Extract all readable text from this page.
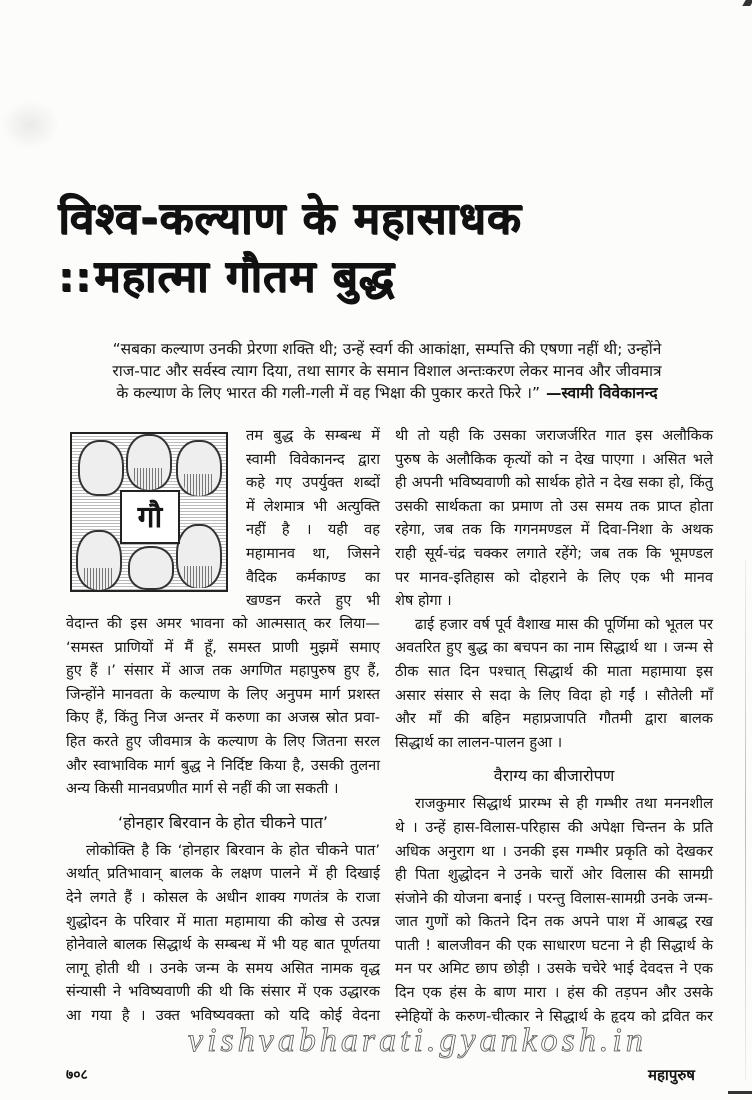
विश्व-कल्याण के महासाधक
::महात्मा गौतम बुद्ध
“सबका कल्याण उनकी प्रेरणा शक्ति थी; उन्हें स्वर्ग की आकांक्षा, सम्पत्ति की एषणा नहीं थी; उन्होंने
राज-पाट और सर्वस्व त्याग दिया, तथा सागर के समान विशाल अन्तःकरण लेकर मानव और जीवमात्र
के कल्याण के लिए भारत की गली-गली में वह भिक्षा की पुकार करते फिरे ।” —स्वामी विवेकानन्द
गौ
तम बुद्ध के सम्बन्ध में
स्वामी विवेकानन्द द्वारा
कहे गए उपर्युक्त शब्दों
में लेशमात्र भी अत्युक्ति
नहीं है । यही वह
महामानव था, जिसने
वैदिक कर्मकाण्ड का
खण्डन करते हुए भी
वेदान्त की इस अमर भावना को आत्मसात् कर लिया—
‘समस्त प्राणियों में मैं हूँ, समस्त प्राणी मुझमें समाए
हुए हैं ।’ संसार में आज तक अगणित महापुरुष हुए हैं,
जिन्होंने मानवता के कल्याण के लिए अनुपम मार्ग प्रशस्त
किए हैं, किंतु निज अन्तर में करुणा का अजस्र स्रोत प्रवा-
हित करते हुए जीवमात्र के कल्याण के लिए जितना सरल
और स्वाभाविक मार्ग बुद्ध ने निर्दिष्ट किया है, उसकी तुलना
अन्य किसी मानवप्रणीत मार्ग से नहीं की जा सकती ।
‘होनहार बिरवान के होत चीकने पात’
लोकोक्ति है कि ‘होनहार बिरवान के होत चीकने पात’
अर्थात् प्रतिभावान् बालक के लक्षण पालने में ही दिखाई
देने लगते हैं । कोसल के अधीन शाक्य गणतंत्र के राजा
शुद्धोदन के परिवार में माता महामाया की कोख से उत्पन्न
होनेवाले बालक सिद्धार्थ के सम्बन्ध में भी यह बात पूर्णतया
लागू होती थी । उनके जन्म के समय असित नामक वृद्ध
संन्यासी ने भविष्यवाणी की थी कि संसार में एक उद्धारक
आ गया है । उक्त भविष्यवक्ता को यदि कोई वेदना
थी तो यही कि उसका जराजर्जरित गात इस अलौकिक
पुरुष के अलौकिक कृत्यों को न देख पाएगा । असित भले
ही अपनी भविष्यवाणी को सार्थक होते न देख सका हो, किंतु
उसकी सार्थकता का प्रमाण तो उस समय तक प्राप्त होता
रहेगा, जब तक कि गगनमण्डल में दिवा-निशा के अथक
राही सूर्य-चंद्र चक्कर लगाते रहेंगे; जब तक कि भूमण्डल
पर मानव-इतिहास को दोहराने के लिए एक भी मानव
शेष होगा ।
ढाई हजार वर्ष पूर्व वैशाख मास की पूर्णिमा को भूतल पर
अवतरित हुए बुद्ध का बचपन का नाम सिद्धार्थ था । जन्म से
ठीक सात दिन पश्चात् सिद्धार्थ की माता महामाया इस
असार संसार से सदा के लिए विदा हो गईं । सौतेली माँ
और माँ की बहिन महाप्रजापति गौतमी द्वारा बालक
सिद्धार्थ का लालन-पालन हुआ ।
वैराग्य का बीजारोपण
राजकुमार सिद्धार्थ प्रारम्भ से ही गम्भीर तथा मननशील
थे । उन्हें हास-विलास-परिहास की अपेक्षा चिन्तन के प्रति
अधिक अनुराग था । उनकी इस गम्भीर प्रकृति को देखकर
ही पिता शुद्धोदन ने उनके चारों ओर विलास की सामग्री
संजोने की योजना बनाई । परन्तु विलास-सामग्री उनके जन्म-
जात गुणों को कितने दिन तक अपने पाश में आबद्ध रख
पाती ! बालजीवन की एक साधारण घटना ने ही सिद्धार्थ के
मन पर अमिट छाप छोड़ी । उसके चचेरे भाई देवदत्त ने एक
दिन एक हंस के बाण मारा । हंस की तड़पन और उसके
स्नेहियों के करुण-चीत्कार ने सिद्धार्थ के हृदय को द्रवित कर
vishvabharati.gyankosh.in
७०८	महापुरुष
